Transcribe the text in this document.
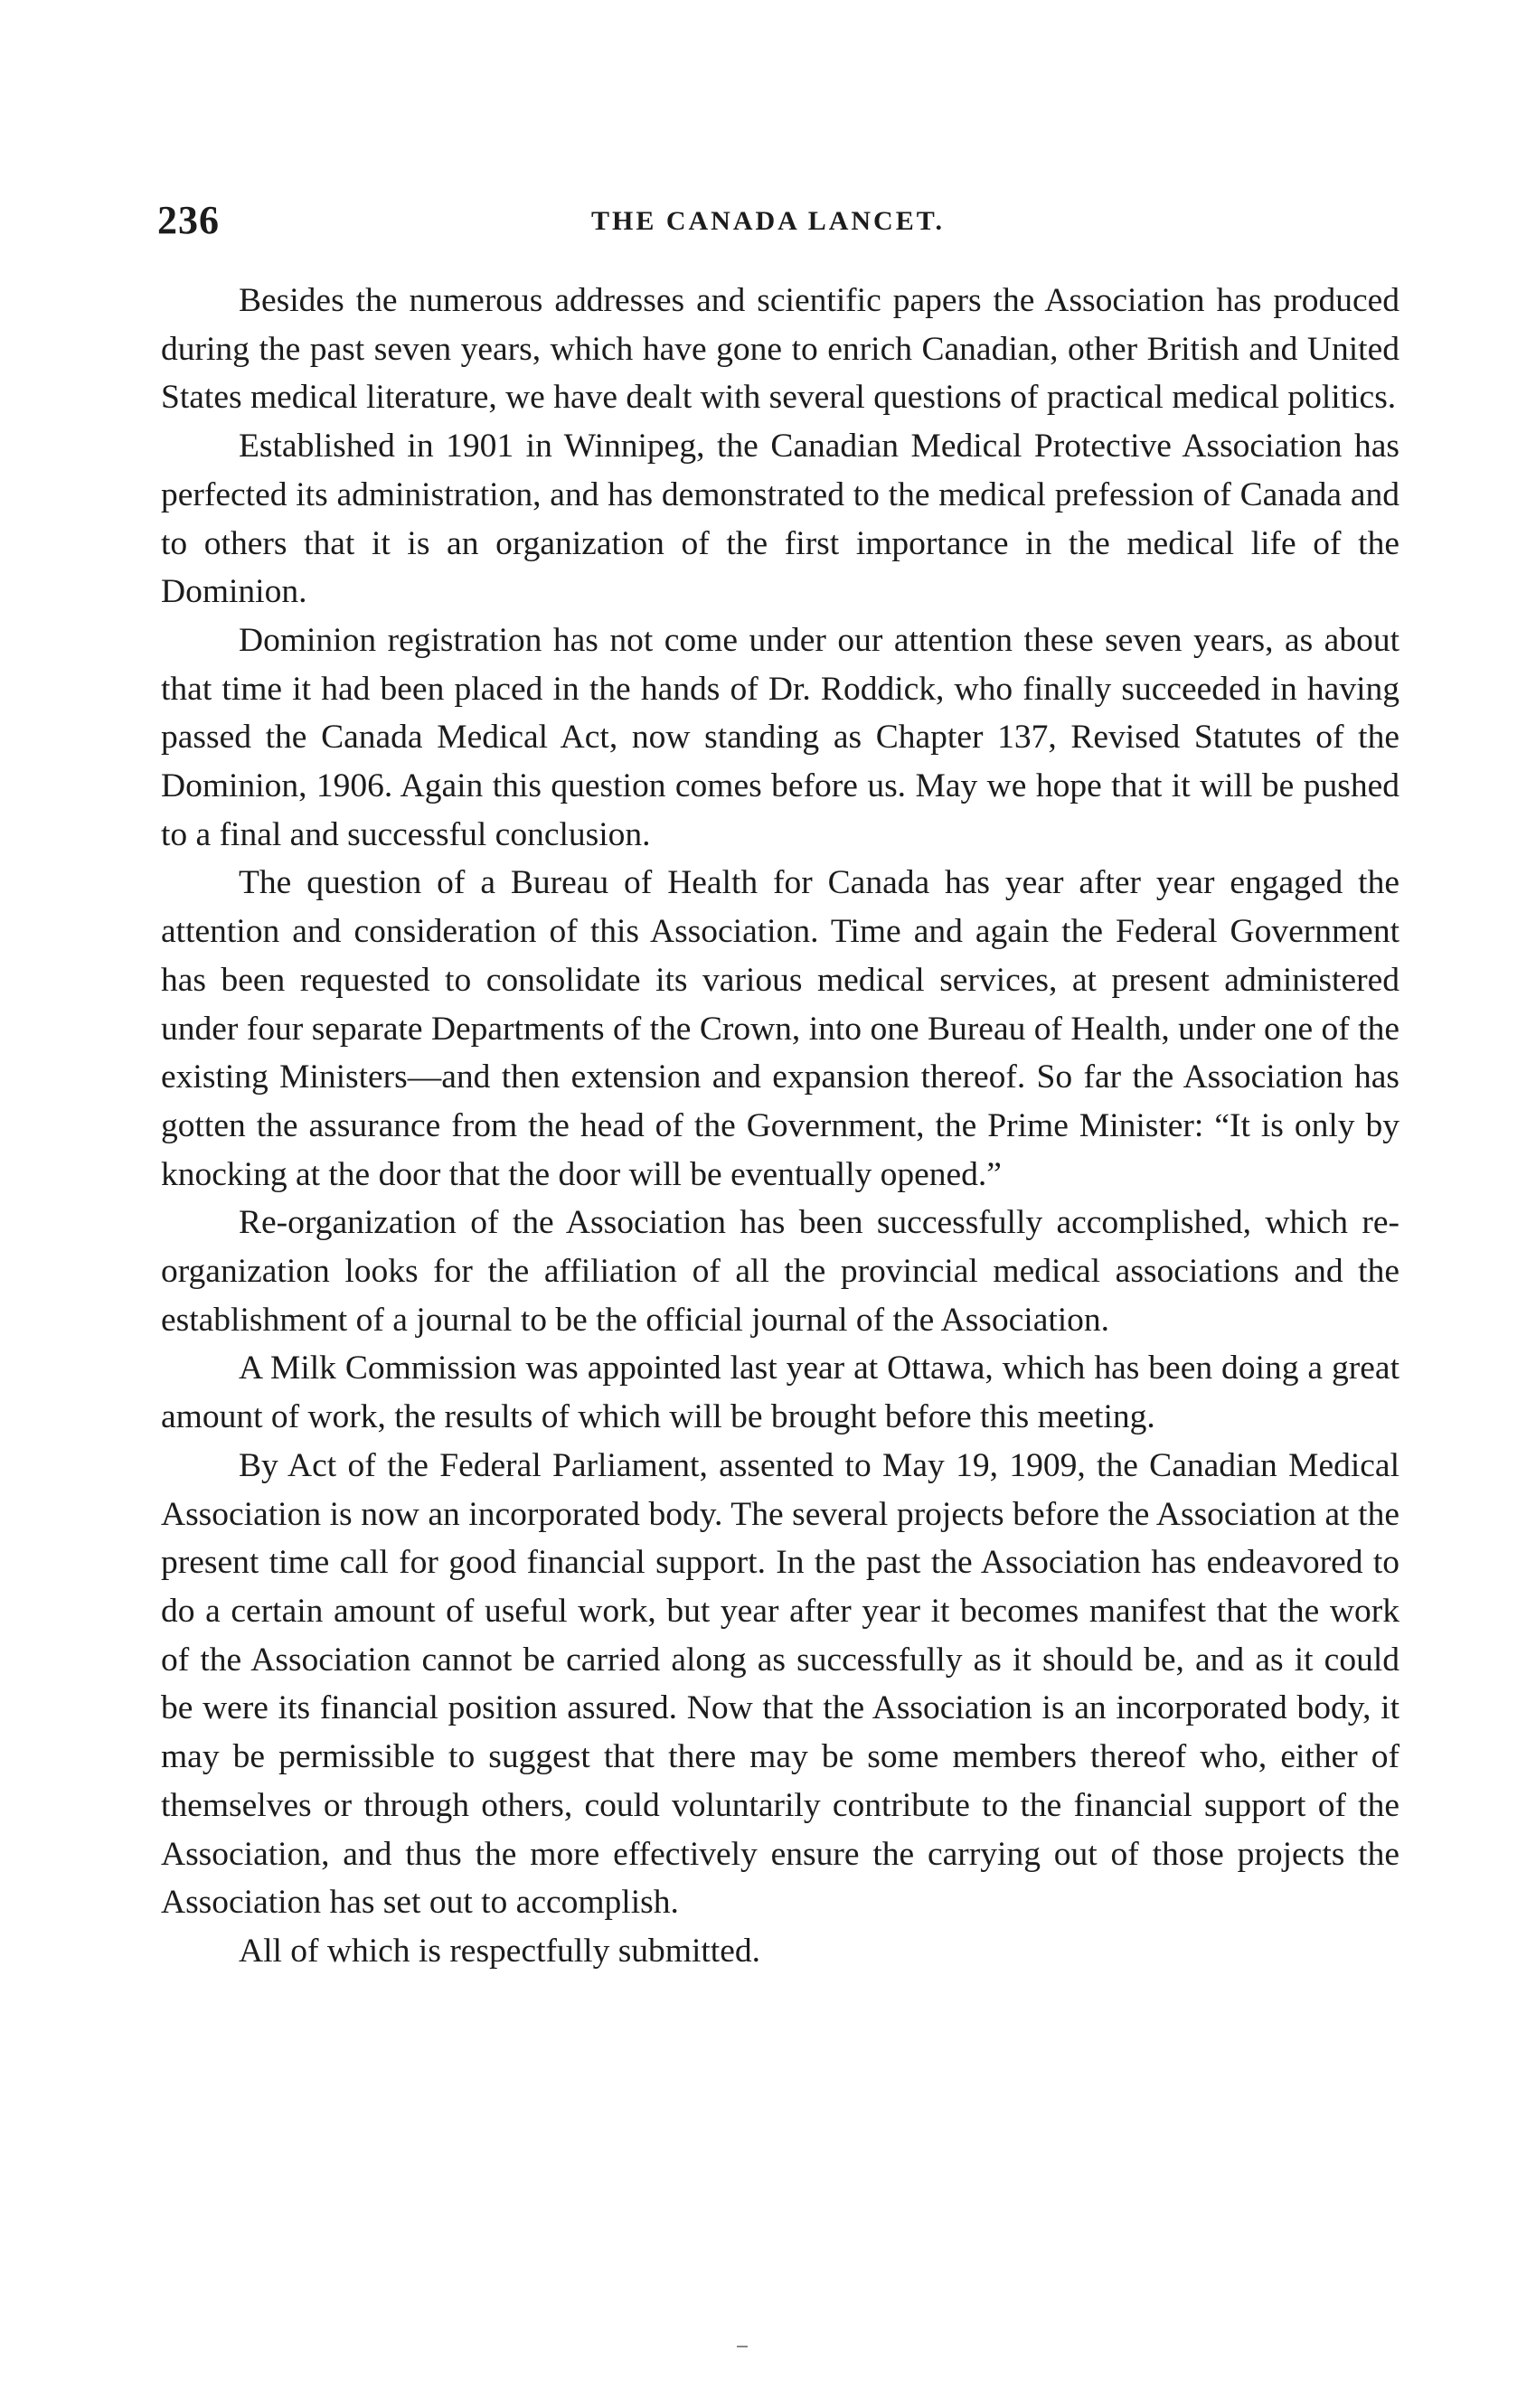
236	THE CANADA LANCET.

Besides the numerous addresses and scientific papers the Association has produced during the past seven years, which have gone to enrich Canadian, other British and United States medical literature, we have dealt with several questions of practical medical politics.

Established in 1901 in Winnipeg, the Canadian Medical Protective Association has perfected its administration, and has demonstrated to the medical prefession of Canada and to others that it is an organization of the first importance in the medical life of the Dominion.

Dominion registration has not come under our attention these seven years, as about that time it had been placed in the hands of Dr. Roddick, who finally succeeded in having passed the Canada Medical Act, now standing as Chapter 137, Revised Statutes of the Dominion, 1906. Again this question comes before us. May we hope that it will be pushed to a final and successful conclusion.

The question of a Bureau of Health for Canada has year after year engaged the attention and consideration of this Association. Time and again the Federal Government has been requested to consolidate its various medical services, at present administered under four separate Departments of the Crown, into one Bureau of Health, under one of the existing Ministers—and then extension and expansion thereof. So far the Association has gotten the assurance from the head of the Government, the Prime Minister: “It is only by knocking at the door that the door will be eventually opened.”

Re-organization of the Association has been successfully accomplished, which re-organization looks for the affiliation of all the provincial medical associations and the establishment of a journal to be the official journal of the Association.

A Milk Commission was appointed last year at Ottawa, which has been doing a great amount of work, the results of which will be brought before this meeting.

By Act of the Federal Parliament, assented to May 19, 1909, the Canadian Medical Association is now an incorporated body. The several projects before the Association at the present time call for good financial support. In the past the Association has endeavored to do a certain amount of useful work, but year after year it becomes manifest that the work of the Association cannot be carried along as successfully as it should be, and as it could be were its financial position assured. Now that the Association is an incorporated body, it may be permissible to suggest that there may be some members thereof who, either of themselves or through others, could voluntarily contribute to the financial support of the Association, and thus the more effectively ensure the carrying out of those projects the Association has set out to accomplish.

All of which is respectfully submitted.
